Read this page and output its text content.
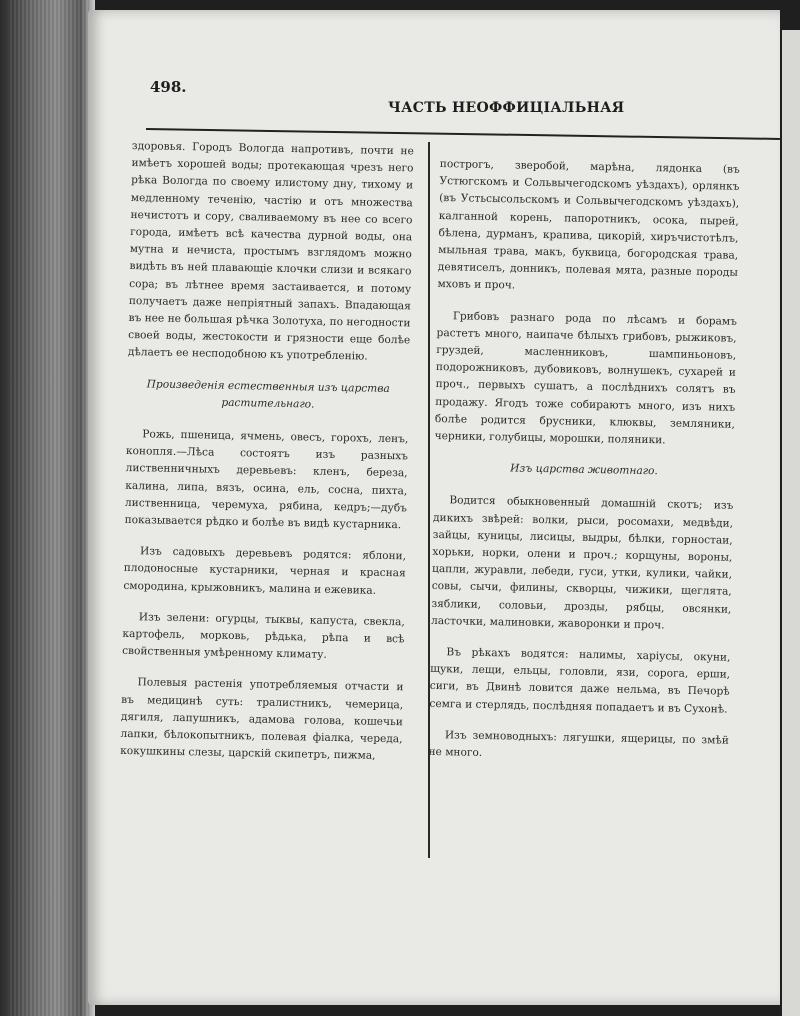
498.
ЧАСТЬ НЕОФФИЦІАЛЬНАЯ

здоровья. Городъ Вологда напротивъ, почти не имѣетъ хорошей воды; протекающая чрезъ него рѣка Вологда по своему илистому дну, тихому и медленному теченію, частію и отъ множества нечистотъ и сору, сваливаемому въ нее со всего города, имѣетъ всѣ качества дурной воды, она мутна и нечиста, простымъ взглядомъ можно видѣть въ ней плавающіе клочки слизи и всякаго сора; въ лѣтнее время застаивается, и потому получаетъ даже непріятный запахъ. Впадающая въ нее не большая рѣчка Золотуха, по негодности своей воды, жестокости и грязности еще болѣе дѣлаетъ ее несподобною къ употребленію.

Произведенія естественныя изъ царства растительнаго.

Рожь, пшеница, ячмень, овесъ, горохъ, ленъ, конопля.—Лѣса состоятъ изъ разныхъ лиственничныхъ деревьевъ: кленъ, береза, калина, липа, вязъ, осина, ель, сосна, пихта, лиственница, черемуха, рябина, кедръ;—дубъ показывается рѣдко и болѣе въ видѣ кустарника.

Изъ садовыхъ деревьевъ родятся: яблони, плодоносные кустарники, черная и красная смородина, крыжовникъ, малина и ежевика.

Изъ зелени: огурцы, тыквы, капуста, свекла, картофель, морковь, рѣдька, рѣпа и всѣ свойственныя умѣренному климату.

Полевыя растенія употребляемыя отчасти и въ медицинѣ суть: тралистникъ, чемерица, дягиля, лапушникъ, адамова голова, кошечьи лапки, бѣлокопытникъ, полевая фіалка, череда, кокушкины слезы, царскій скипетръ, пижма,

построгъ, зверобой, марѣна, лядонка (въ Устюгскомъ и Сольвычегодскомъ уѣздахъ), орлянкъ (въ Устьсысольскомъ и Сольвычегодскомъ уѣздахъ), калганной корень, папоротникъ, осока, пырей, бѣлена, дурманъ, крапива, цикорій, хиръчистотѣлъ, мыльная трава, макъ, буквица, богородская трава, девятиселъ, донникъ, полевая мята, разные породы мховъ и проч.

Грибовъ разнаго рода по лѣсамъ и борамъ растетъ много, наипаче бѣлыхъ грибовъ, рыжиковъ, груздей, масленниковъ, шампиньоновъ, подорожниковъ, дубовиковъ, волнушекъ, сухарей и проч., первыхъ сушатъ, а послѣднихъ солятъ въ продажу. Ягодъ тоже собираютъ много, изъ нихъ болѣе родится брусники, клюквы, земляники, черники, голубицы, морошки, поляники.

Изъ царства животнаго.

Водится обыкновенный домашній скотъ; изъ дикихъ звѣрей: волки, рыси, росомахи, медвѣди, зайцы, куницы, лисицы, выдры, бѣлки, горностаи, хорьки, норки, олени и проч.; корщуны, вороны, цапли, журавли, лебеди, гуси, утки, кулики, чайки, совы, сычи, филины, скворцы, чижики, щеглята, зяблики, соловьи, дрозды, рябцы, овсянки, ласточки, малиновки, жаворонки и проч.

Въ рѣкахъ водятся: налимы, харіусы, окуни, щуки, лещи, ельцы, головли, язи, сорога, ерши, сиги, въ Двинѣ ловится даже нельма, въ Печорѣ семга и стерлядь, послѣдняя попадаетъ и въ Сухонѣ.

Изъ земноводныхъ: лягушки, ящерицы, по змѣй не много.
